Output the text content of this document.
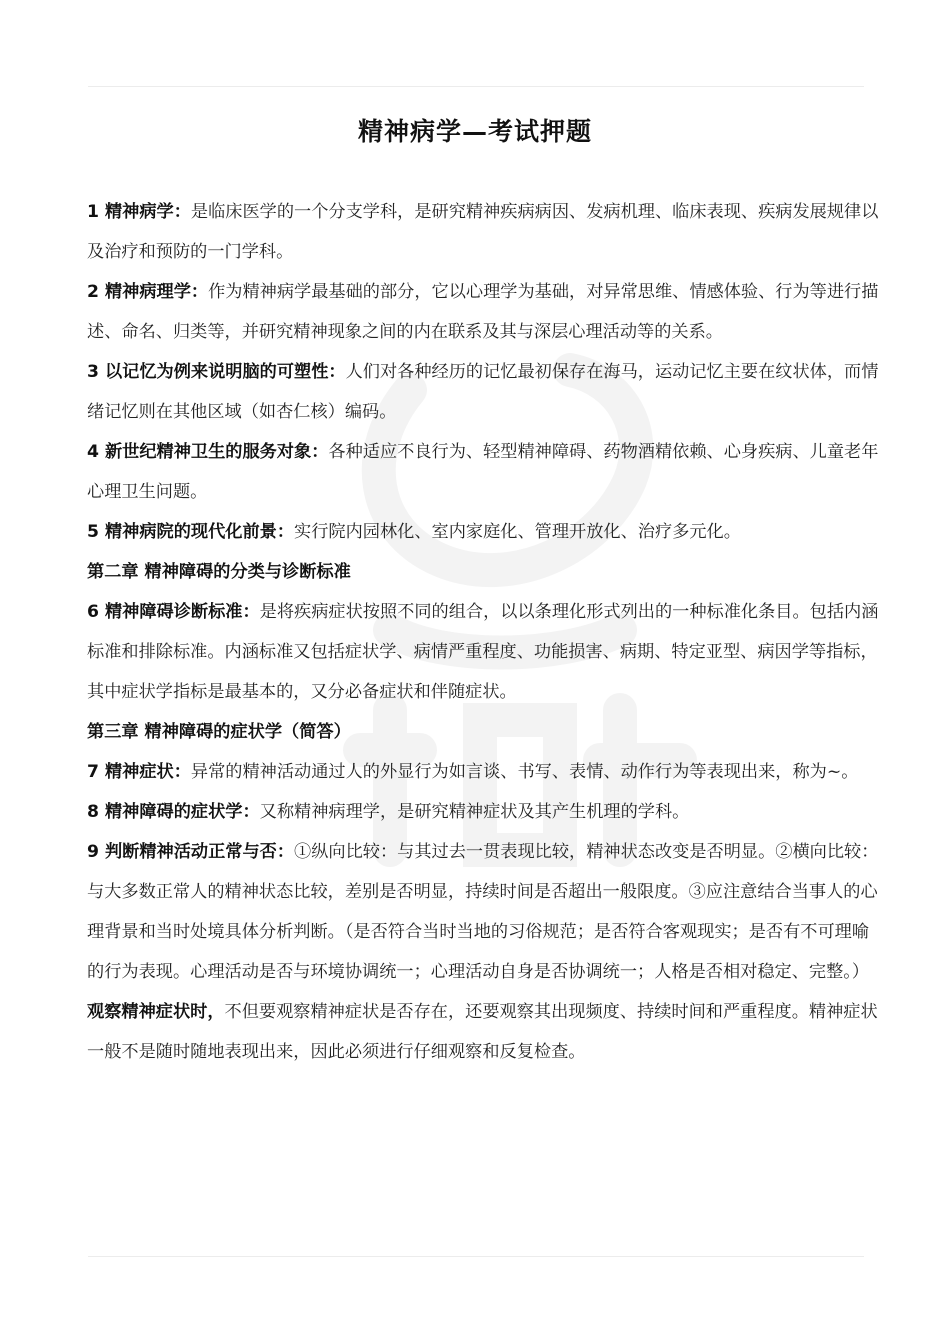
精神病学—考试押题

1 精神病学：是临床医学的一个分支学科，是研究精神疾病病因、发病机理、临床表现、疾病发展规律以及治疗和预防的一门学科。

2 精神病理学：作为精神病学最基础的部分，它以心理学为基础，对异常思维、情感体验、行为等进行描述、命名、归类等，并研究精神现象之间的内在联系及其与深层心理活动等的关系。

3 以记忆为例来说明脑的可塑性：人们对各种经历的记忆最初保存在海马，运动记忆主要在纹状体，而情绪记忆则在其他区域（如杏仁核）编码。

4 新世纪精神卫生的服务对象：各种适应不良行为、轻型精神障碍、药物酒精依赖、心身疾病、儿童老年心理卫生问题。

5 精神病院的现代化前景：实行院内园林化、室内家庭化、管理开放化、治疗多元化。

第二章 精神障碍的分类与诊断标准

6 精神障碍诊断标准：是将疾病症状按照不同的组合，以以条理化形式列出的一种标准化条目。包括内涵标准和排除标准。内涵标准又包括症状学、病情严重程度、功能损害、病期、特定亚型、病因学等指标，其中症状学指标是最基本的，又分必备症状和伴随症状。

第三章 精神障碍的症状学（简答）

7 精神症状：异常的精神活动通过人的外显行为如言谈、书写、表情、动作行为等表现出来，称为~。

8 精神障碍的症状学：又称精神病理学，是研究精神症状及其产生机理的学科。

9 判断精神活动正常与否：①纵向比较：与其过去一贯表现比较，精神状态改变是否明显。②横向比较：与大多数正常人的精神状态比较，差别是否明显，持续时间是否超出一般限度。③应注意结合当事人的心理背景和当时处境具体分析判断。（是否符合当时当地的习俗规范；是否符合客观现实；是否有不可理喻的行为表现。心理活动是否与环境协调统一；心理活动自身是否协调统一；人格是否相对稳定、完整。）观察精神症状时，不但要观察精神症状是否存在，还要观察其出现频度、持续时间和严重程度。精神症状一般不是随时随地表现出来，因此必须进行仔细观察和反复检查。
